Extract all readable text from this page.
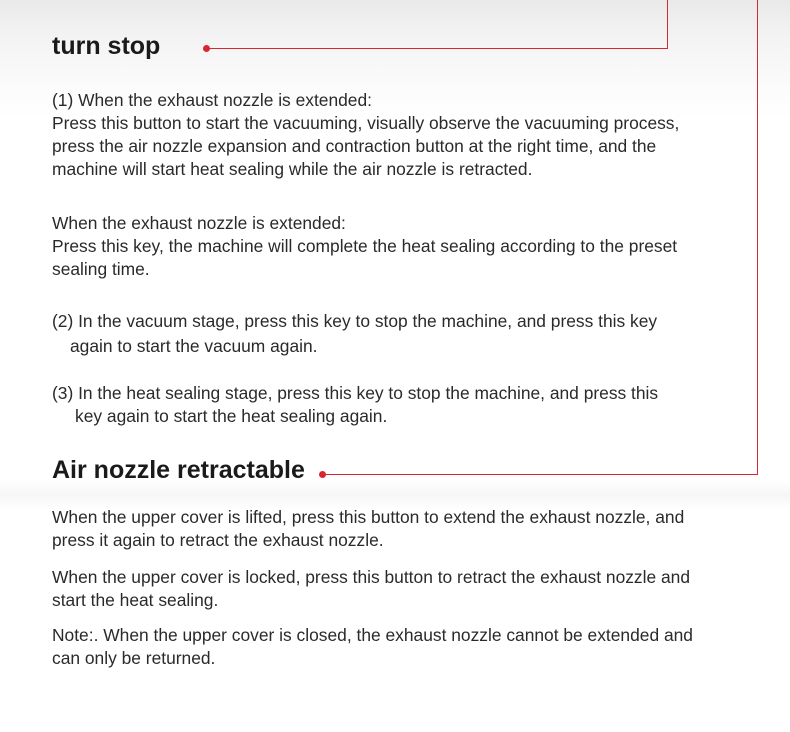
turn stop
(1) When the exhaust nozzle is extended:
Press this button to start the vacuuming, visually observe the vacuuming process,
press the air nozzle expansion and contraction button at the right time, and the
machine will start heat sealing while the air nozzle is retracted.
When the exhaust nozzle is extended:
Press this key, the machine will complete the heat sealing according to the preset
sealing time.
(2) In the vacuum stage, press this key to stop the machine, and press this key
again to start the vacuum again.
(3) In the heat sealing stage, press this key to stop the machine, and press this
key again to start the heat sealing again.
Air nozzle retractable
When the upper cover is lifted, press this button to extend the exhaust nozzle, and
press it again to retract the exhaust nozzle.
When the upper cover is locked, press this button to retract the exhaust nozzle and
start the heat sealing.
Note:. When the upper cover is closed, the exhaust nozzle cannot be extended and
can only be returned.
